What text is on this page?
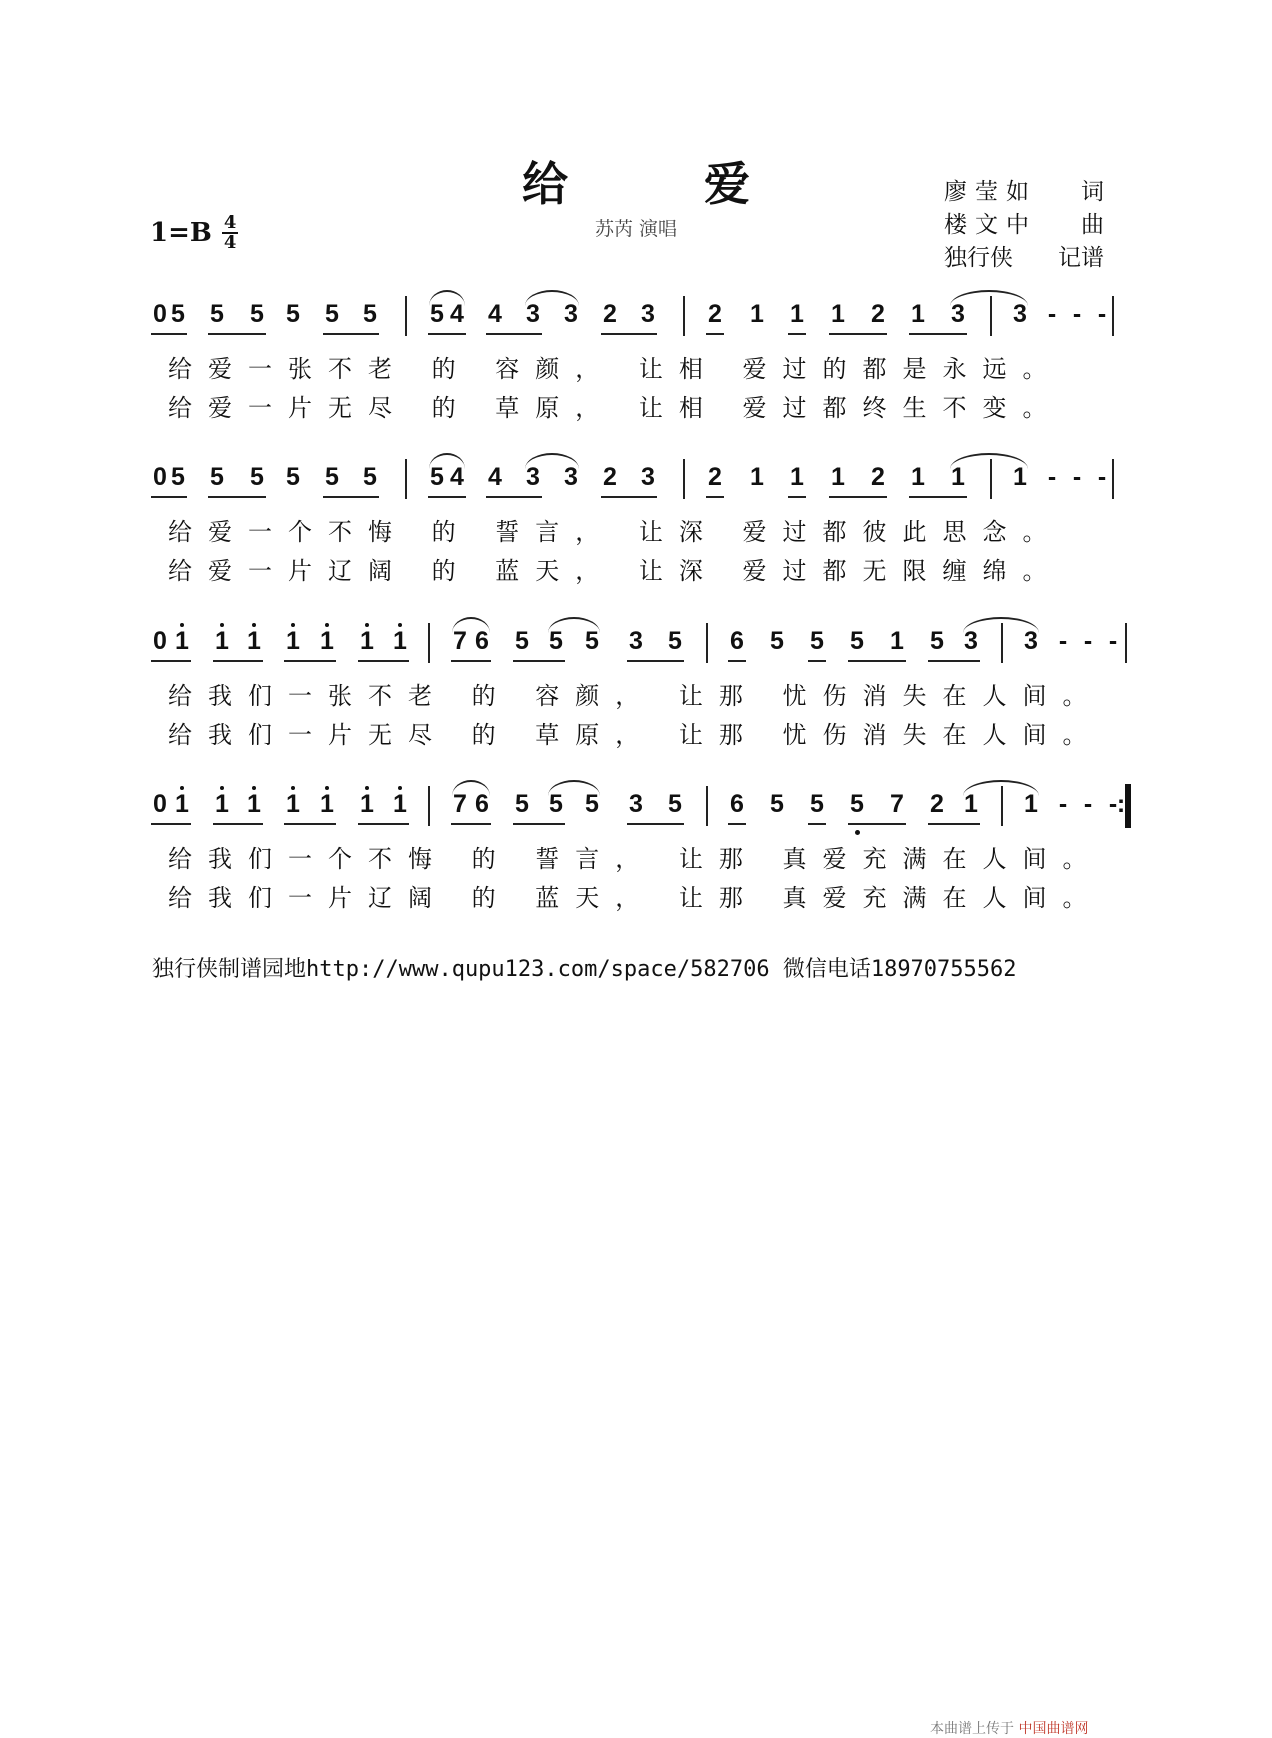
给 爱
苏芮 演唱
1=B 4
4
廖莹如 词
楼文中 曲
独行侠 记谱
0 5 5 5 5 5 5 5 4 4 3 3 2 3 2 1 1 1 2 1 3 3 - - -
给爱一张不老 的 容颜， 让相 爱过的都是永远。
给爱一片无尽 的 草原， 让相 爱过都终生不变。
0 5 5 5 5 5 5 5 4 4 3 3 2 3 2 1 1 1 2 1 1 1 - - -
给爱一个不悔 的 誓言， 让深 爱过都彼此思念。
给爱一片辽阔 的 蓝天， 让深 爱过都无限缠绵。
0 1 1 1 1 1 1 1 7 6 5 5 5 3 5 6 5 5 5 1 5 3 3 - - -
给我们一张不老 的 容颜， 让那 忧伤消失在人间。
给我们一片无尽 的 草原， 让那 忧伤消失在人间。
0 1 1 1 1 1 1 1 7 6 5 5 5 3 5 6 5 5 5 7 2 1 1 - - - :
给我们一个不悔 的 誓言， 让那 真爱充满在人间。
给我们一片辽阔 的 蓝天， 让那 真爱充满在人间。
独行侠制谱园地http://www.qupu123.com/space/582706 微信电话18970755562
本曲谱上传于 中国曲谱网
